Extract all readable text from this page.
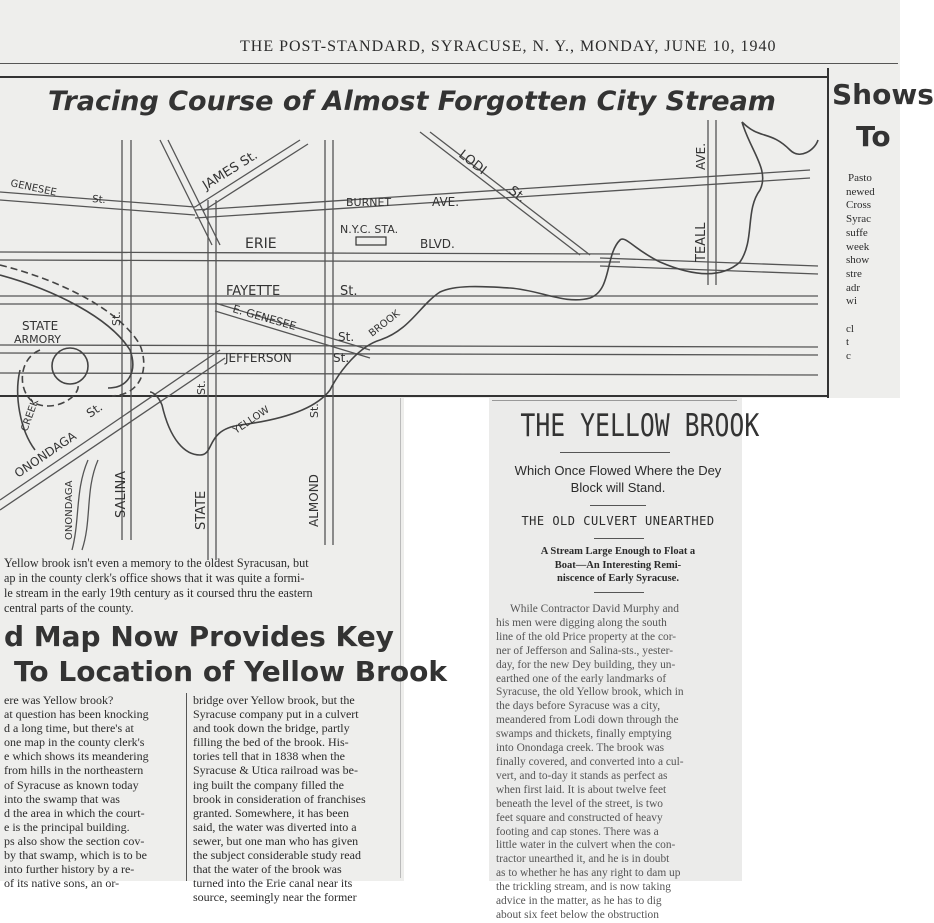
THE POST-STANDARD, SYRACUSE, N. Y., MONDAY, JUNE 10, 1940
Tracing Course of Almost Forgotten City Stream
GENESEE
St.
JAMES St.	LODI
St.
BURNET	AVE.
N.Y.C. STA.
ERIE	BLVD.
AVE.
TEALL
FAYETTE	St.
E. GENESEE
St. BROOK
STATE
ARMORY
St.
JEFFERSON	St.
St.
YELLOW	St.
CREEK	St.
ONONDAGA
ONONDAGA	SALINA	STATE	ALMOND
Shows
To
Pasto
newed
Cross
Syrac
suffe
week
show
stre
adr
wi

cl
t
c
Yellow brook isn't even a memory to the oldest Syracusan, but
ap in the county clerk's office shows that it was quite a formi-
le stream in the early 19th century as it coursed thru the eastern
central parts of the county.
d Map Now Provides Key
To Location of Yellow Brook
ere was Yellow brook?
at question has been knocking
d a long time, but there's at
one map in the county clerk's
e which shows its meandering
from hills in the northeastern
of Syracuse as known today
into the swamp that was
d the area in which the court-
e is the principal building.
ps also show the section cov-
by that swamp, which is to be
into further history by a re-
of its native sons, an or-
bridge over Yellow brook, but the
Syracuse company put in a culvert
and took down the bridge, partly
filling the bed of the brook. His-
tories tell that in 1838 when the
Syracuse & Utica railroad was be-
ing built the company filled the
brook in consideration of franchises
granted. Somewhere, it has been
said, the water was diverted into a
sewer, but one man who has given
the subject considerable study read
that the water of the brook was
turned into the Erie canal near its
source, seemingly near the former
THE YELLOW BROOK
Which Once Flowed Where the Dey
Block will Stand.
THE OLD CULVERT UNEARTHED
A Stream Large Enough to Float a
Boat—An Interesting Remi-
niscence of Early Syracuse.
While Contractor David Murphy and
his men were digging along the south
line of the old Price property at the cor-
ner of Jefferson and Salina-sts., yester-
day, for the new Dey building, they un-
earthed one of the early landmarks of
Syracuse, the old Yellow brook, which in
the days before Syracuse was a city,
meandered from Lodi down through the
swamps and thickets, finally emptying
into Onondaga creek. The brook was
finally covered, and converted into a cul-
vert, and to-day it stands as perfect as
when first laid. It is about twelve feet
beneath the level of the street, is two
feet square and constructed of heavy
footing and cap stones. There was a
little water in the culvert when the con-
tractor unearthed it, and he is in doubt
as to whether he has any right to dam up
the trickling stream, and is now taking
advice in the matter, as he has to dig
about six feet below the obstruction
